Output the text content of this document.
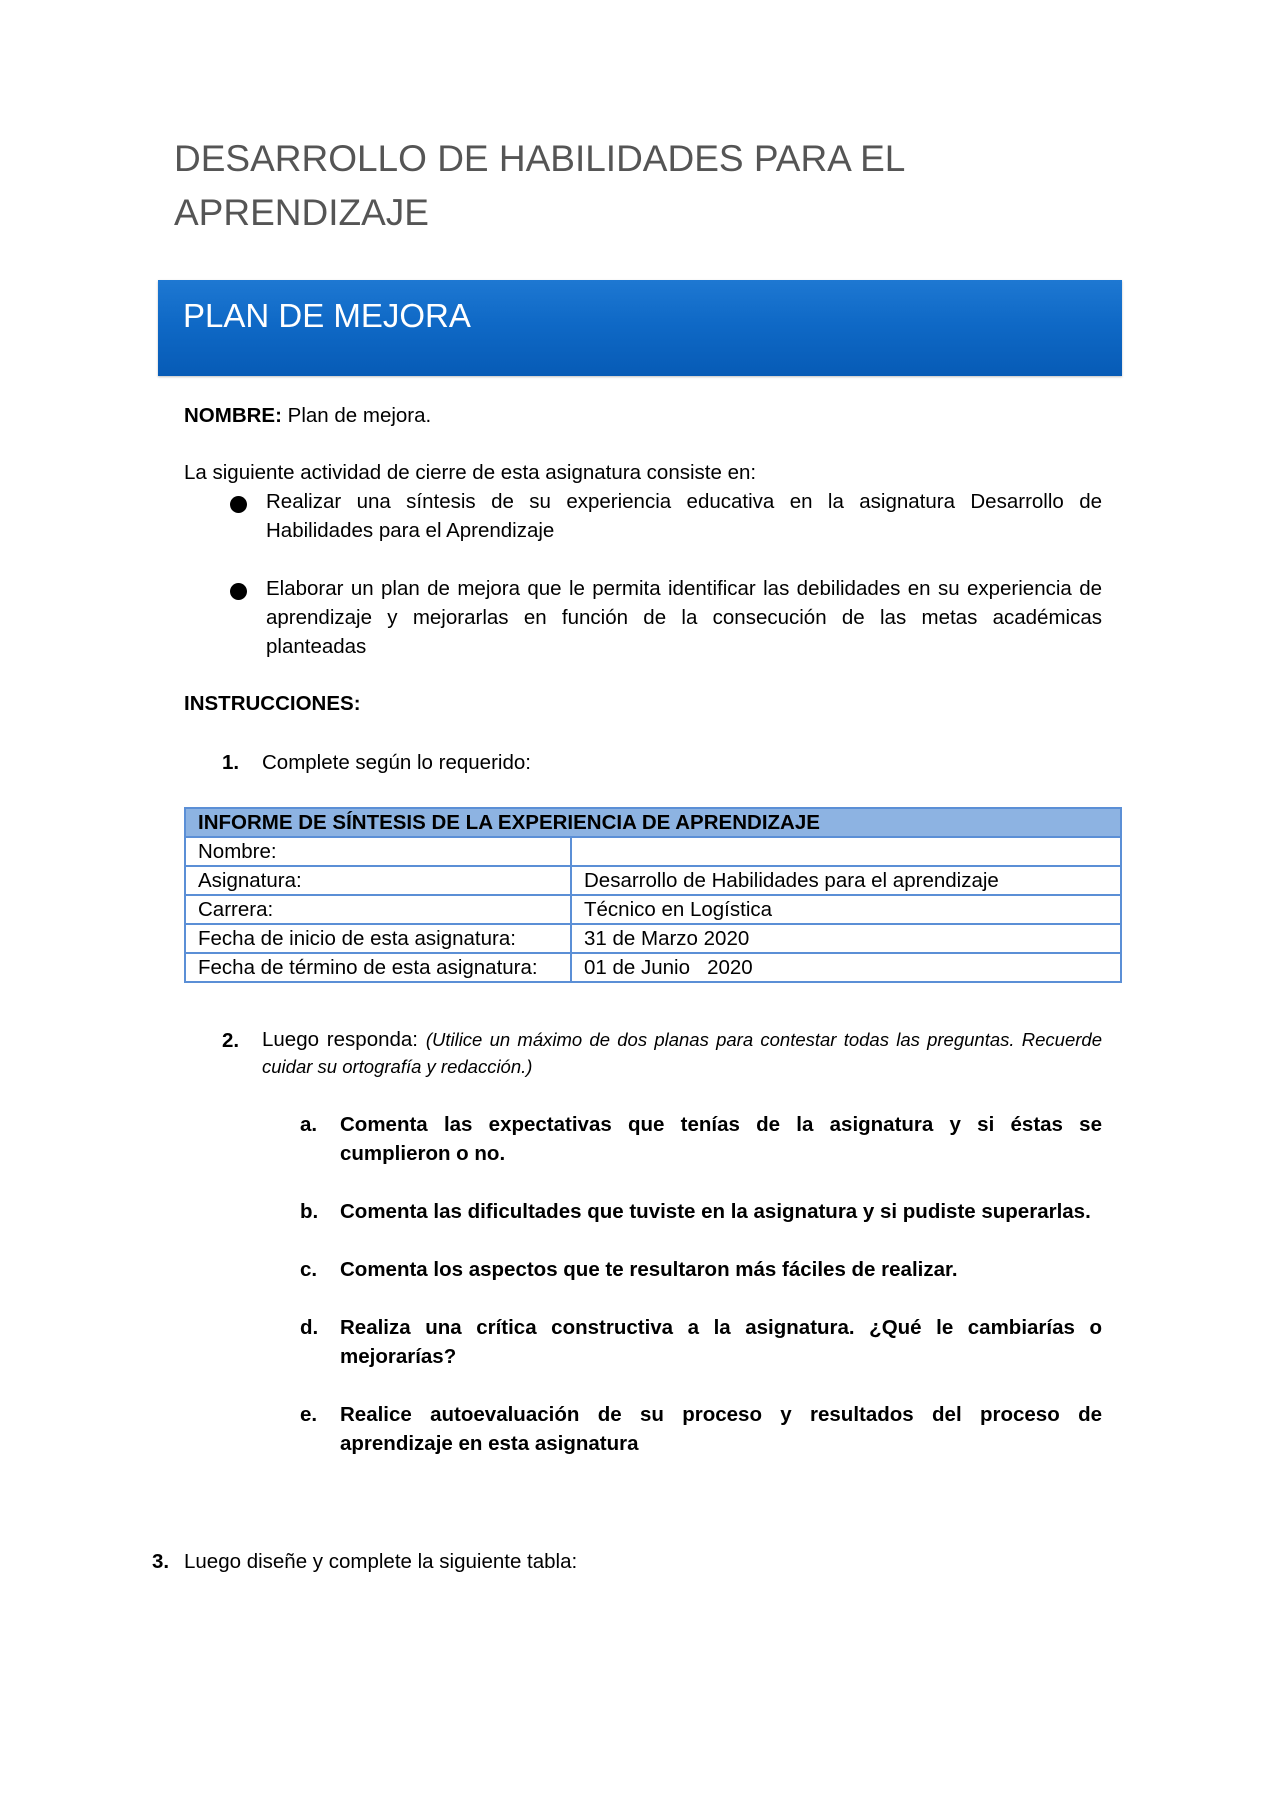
DESARROLLO DE HABILIDADES PARA EL APRENDIZAJE
PLAN DE MEJORA

NOMBRE: Plan de mejora.

La siguiente actividad de cierre de esta asignatura consiste en:

Realizar una síntesis de su experiencia educativa en la asignatura Desarrollo de Habilidades para el Aprendizaje

Elaborar un plan de mejora que le permita identificar las debilidades en su experiencia de aprendizaje y mejorarlas en función de la consecución de las metas académicas planteadas

INSTRUCCIONES:

1. Complete según lo requerido:

INFORME DE SÍNTESIS DE LA EXPERIENCIA DE APRENDIZAJE	
Nombre:	
Asignatura:	Desarrollo de Habilidades para el aprendizaje
Carrera:	Técnico en Logística
Fecha de inicio de esta asignatura:	31 de Marzo 2020
Fecha de término de esta asignatura:	01 de Junio   2020
2. Luego responda: (Utilice un máximo de dos planas para contestar todas las preguntas. Recuerde cuidar su ortografía y redacción.)

a. Comenta las expectativas que tenías de la asignatura y si éstas se cumplieron o no.

b. Comenta las dificultades que tuviste en la asignatura y si pudiste superarlas.

c. Comenta los aspectos que te resultaron más fáciles de realizar.

d. Realiza una crítica constructiva a la asignatura. ¿Qué le cambiarías o mejorarías?

e. Realice autoevaluación de su proceso y resultados del proceso de aprendizaje en esta asignatura

3. Luego diseñe y complete la siguiente tabla:
